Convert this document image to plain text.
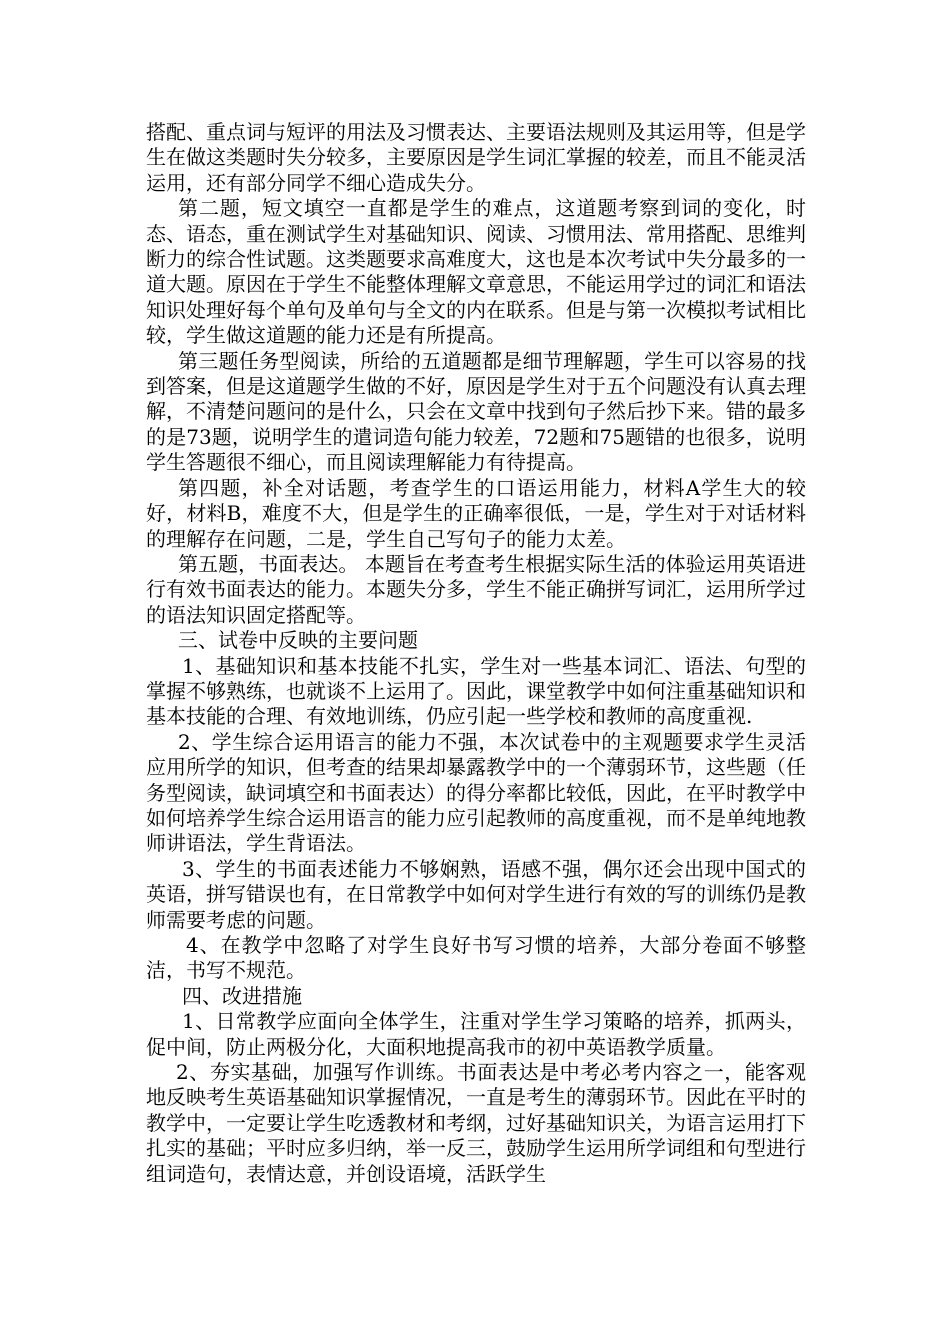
搭配、重点词与短评的用法及习惯表达、主要语法规则及其运用等，但是学生在做这类题时失分较多，主要原因是学生词汇掌握的较差，而且不能灵活运用，还有部分同学不细心造成失分。

第二题，短文填空一直都是学生的难点，这道题考察到词的变化，时态、语态，重在测试学生对基础知识、阅读、习惯用法、常用搭配、思维判断力的综合性试题。这类题要求高难度大，这也是本次考试中失分最多的一道大题。原因在于学生不能整体理解文章意思，不能运用学过的词汇和语法知识处理好每个单句及单句与全文的内在联系。但是与第一次模拟考试相比较，学生做这道题的能力还是有所提高。

第三题任务型阅读，所给的五道题都是细节理解题，学生可以容易的找到答案，但是这道题学生做的不好，原因是学生对于五个问题没有认真去理解，不清楚问题问的是什么，只会在文章中找到句子然后抄下来。错的最多的是73题，说明学生的遣词造句能力较差，72题和75题错的也很多，说明学生答题很不细心，而且阅读理解能力有待提高。

第四题，补全对话题，考查学生的口语运用能力，材料A学生大的较好，材料B，难度不大，但是学生的正确率很低，一是，学生对于对话材料的理解存在问题，二是，学生自己写句子的能力太差。

第五题，书面表达。 本题旨在考查考生根据实际生活的体验运用英语进行有效书面表达的能力。本题失分多，学生不能正确拼写词汇，运用所学过的语法知识固定搭配等。

三、试卷中反映的主要问题

1、基础知识和基本技能不扎实，学生对一些基本词汇、语法、句型的掌握不够熟练，也就谈不上运用了。因此，课堂教学中如何注重基础知识和基本技能的合理、有效地训练，仍应引起一些学校和教师的高度重视.

2、学生综合运用语言的能力不强，本次试卷中的主观题要求学生灵活应用所学的知识，但考查的结果却暴露教学中的一个薄弱环节，这些题（任务型阅读，缺词填空和书面表达）的得分率都比较低，因此，在平时教学中如何培养学生综合运用语言的能力应引起教师的高度重视，而不是单纯地教师讲语法，学生背语法。

3、学生的书面表述能力不够娴熟，语感不强，偶尔还会出现中国式的英语，拼写错误也有，在日常教学中如何对学生进行有效的写的训练仍是教师需要考虑的问题。

4、在教学中忽略了对学生良好书写习惯的培养，大部分卷面不够整洁，书写不规范。

四、改进措施

1、日常教学应面向全体学生，注重对学生学习策略的培养，抓两头，促中间，防止两极分化，大面积地提高我市的初中英语教学质量。

2、夯实基础，加强写作训练。书面表达是中考必考内容之一，能客观地反映考生英语基础知识掌握情况，一直是考生的薄弱环节。因此在平时的教学中，一定要让学生吃透教材和考纲，过好基础知识关，为语言运用打下扎实的基础；平时应多归纳，举一反三，鼓励学生运用所学词组和句型进行组词造句，表情达意，并创设语境，活跃学生
